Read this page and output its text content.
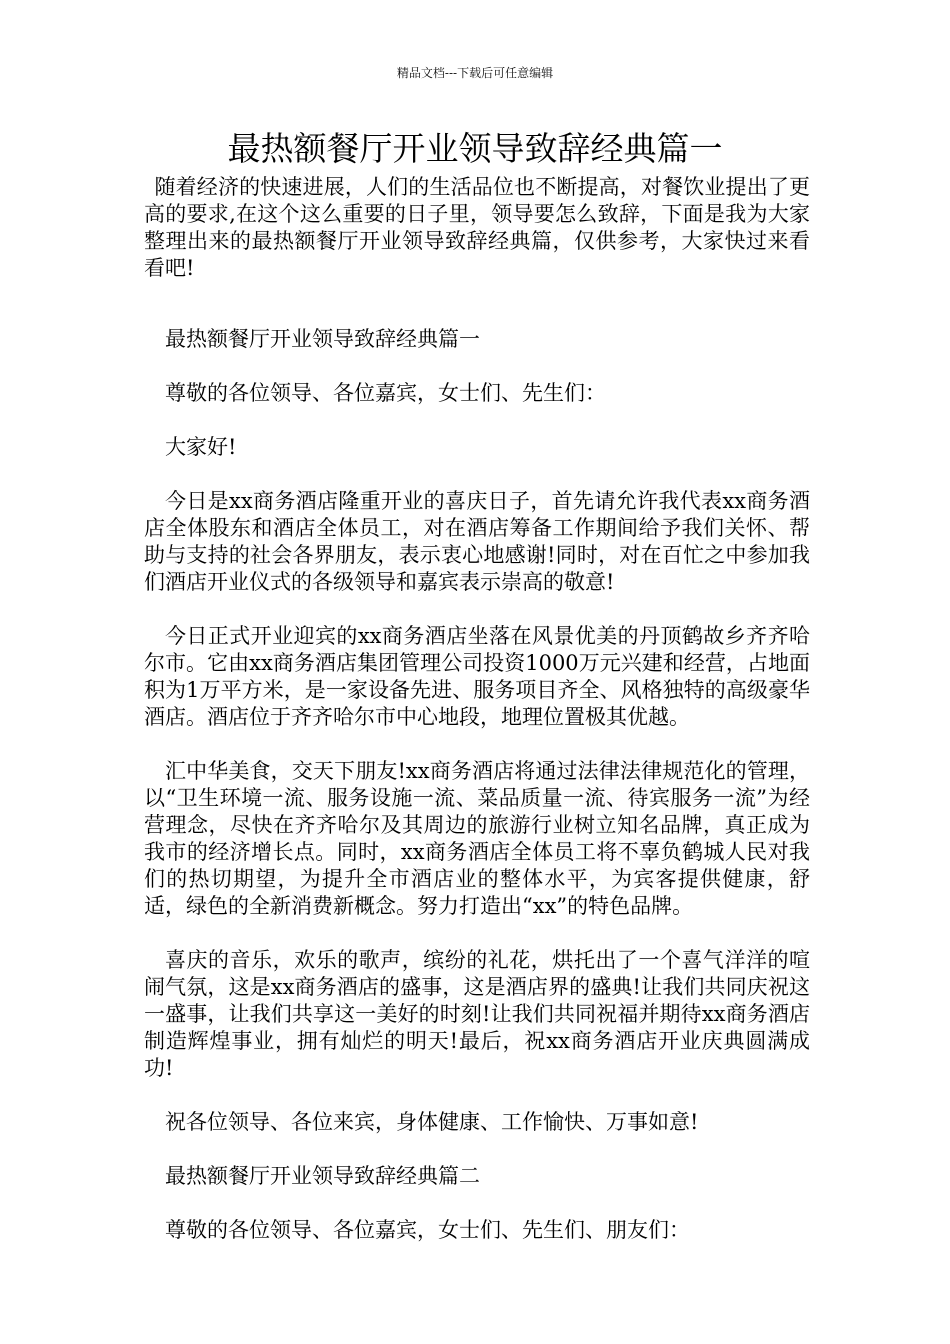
精品文档---下载后可任意编辑
最热额餐厅开业领导致辞经典篇一

随着经济的快速进展，人们的生活品位也不断提高，对餐饮业提出了更高的要求,在这个这么重要的日子里，领导要怎么致辞，下面是我为大家整理出来的最热额餐厅开业领导致辞经典篇，仅供参考，大家快过来看看吧!

最热额餐厅开业领导致辞经典篇一

尊敬的各位领导、各位嘉宾，女士们、先生们：

大家好!

今日是xx商务酒店隆重开业的喜庆日子，首先请允许我代表xx商务酒店全体股东和酒店全体员工，对在酒店筹备工作期间给予我们关怀、帮助与支持的社会各界朋友，表示衷心地感谢!同时，对在百忙之中参加我们酒店开业仪式的各级领导和嘉宾表示崇高的敬意!

今日正式开业迎宾的xx商务酒店坐落在风景优美的丹顶鹤故乡齐齐哈尔市。它由xx商务酒店集团管理公司投资1000万元兴建和经营，占地面积为1万平方米，是一家设备先进、服务项目齐全、风格独特的高级豪华酒店。酒店位于齐齐哈尔市中心地段，地理位置极其优越。

汇中华美食，交天下朋友!xx商务酒店将通过法律法律规范化的管理，以“卫生环境一流、服务设施一流、菜品质量一流、待宾服务一流”为经营理念，尽快在齐齐哈尔及其周边的旅游行业树立知名品牌，真正成为我市的经济增长点。同时，xx商务酒店全体员工将不辜负鹤城人民对我们的热切期望，为提升全市酒店业的整体水平，为宾客提供健康，舒适，绿色的全新消费新概念。努力打造出“xx”的特色品牌。

喜庆的音乐，欢乐的歌声，缤纷的礼花，烘托出了一个喜气洋洋的喧闹气氛，这是xx商务酒店的盛事，这是酒店界的盛典!让我们共同庆祝这一盛事，让我们共享这一美好的时刻!让我们共同祝福并期待xx商务酒店制造辉煌事业，拥有灿烂的明天!最后，祝xx商务酒店开业庆典圆满成功!

祝各位领导、各位来宾，身体健康、工作愉快、万事如意!

最热额餐厅开业领导致辞经典篇二

尊敬的各位领导、各位嘉宾，女士们、先生们、朋友们：
